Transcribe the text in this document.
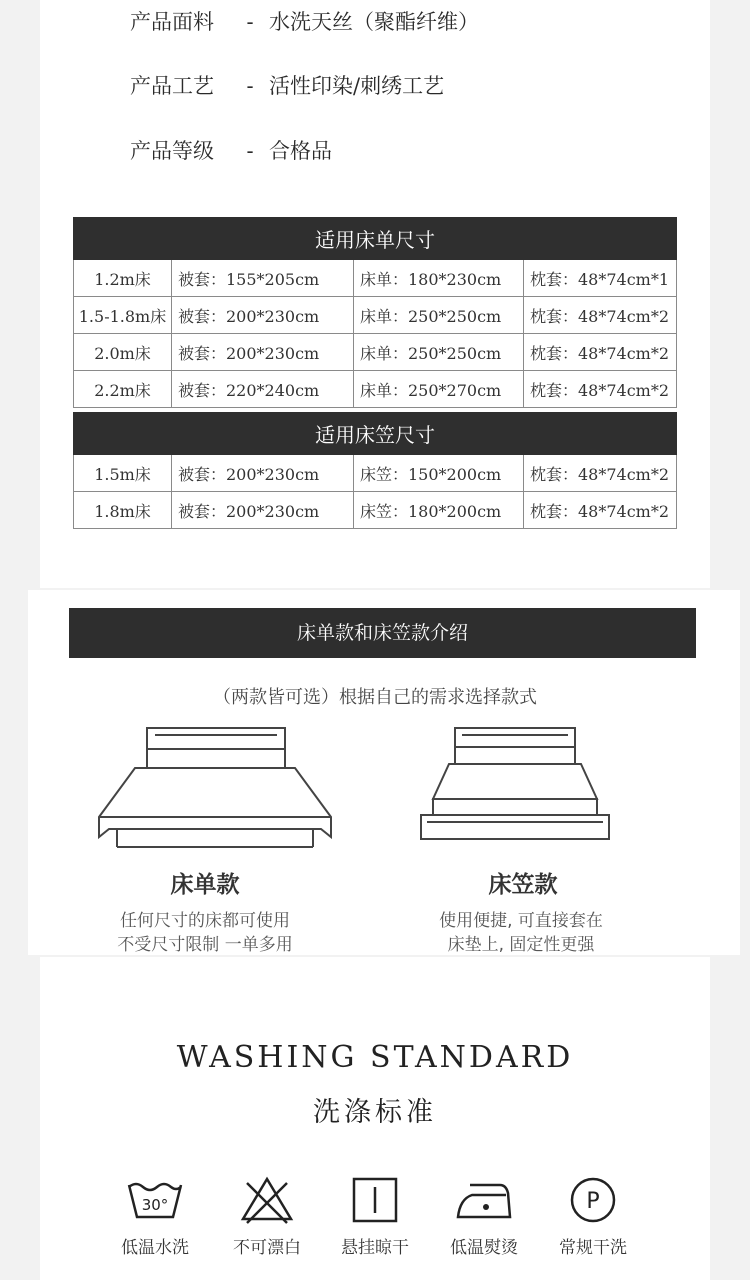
产品面料 - 水洗天丝（聚酯纤维）
产品工艺 - 活性印染/刺绣工艺
产品等级 - 合格品
适用床单尺寸			
1.2m床	被套：155*205cm	床单：180*230cm	枕套：48*74cm*1
1.5-1.8m床	被套：200*230cm	床单：250*250cm	枕套：48*74cm*2
2.0m床	被套：200*230cm	床单：250*250cm	枕套：48*74cm*2
2.2m床	被套：220*240cm	床单：250*270cm	枕套：48*74cm*2
适用床笠尺寸			
1.5m床	被套：200*230cm	床笠：150*200cm	枕套：48*74cm*2
1.8m床	被套：200*230cm	床笠：180*200cm	枕套：48*74cm*2
床单款和床笠款介绍
（两款皆可选）根据自己的需求选择款式
床单款
任何尺寸的床都可使用
不受尺寸限制 一单多用
床笠款
使用便捷, 可直接套在
床垫上, 固定性更强
WASHING STANDARD
洗涤标准
30°
低温水洗	不可漂白	悬挂晾干	低温熨烫
P
常规干洗
